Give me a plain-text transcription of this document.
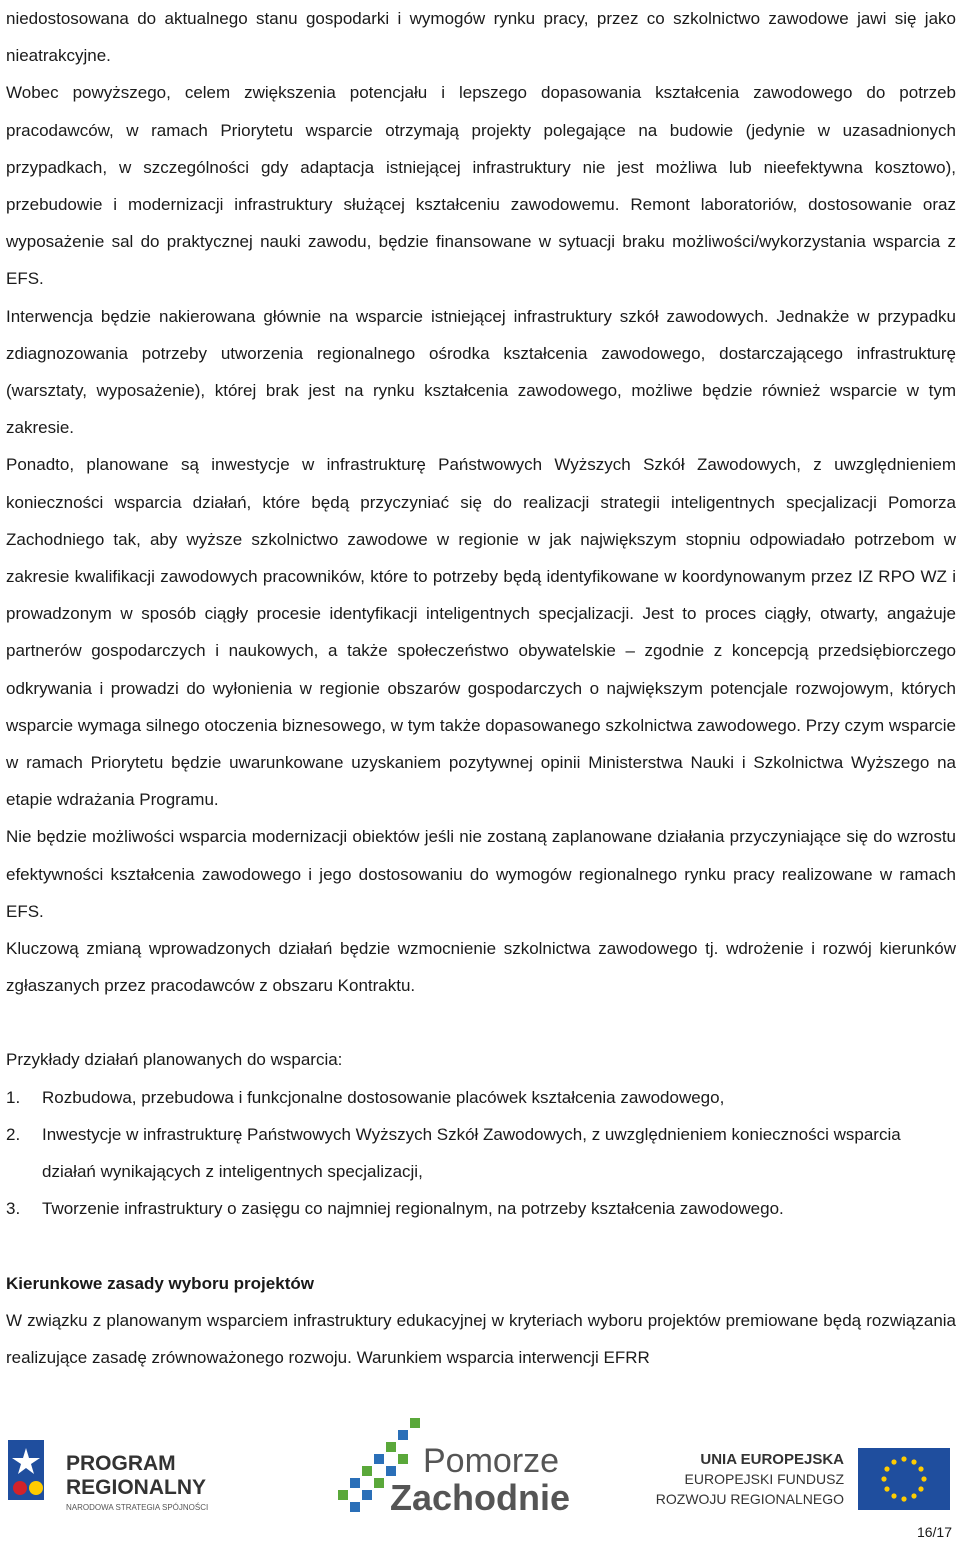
niedostosowana do aktualnego stanu gospodarki i wymogów rynku pracy, przez co szkolnictwo zawodowe jawi się jako nieatrakcyjne.

Wobec powyższego, celem zwiększenia potencjału i lepszego dopasowania kształcenia zawodowego do potrzeb pracodawców, w ramach Priorytetu wsparcie otrzymają projekty polegające na budowie (jedynie w uzasadnionych przypadkach, w szczególności gdy adaptacja istniejącej infrastruktury nie jest możliwa lub nieefektywna kosztowo), przebudowie i modernizacji infrastruktury służącej kształceniu zawodowemu. Remont laboratoriów, dostosowanie oraz wyposażenie sal do praktycznej nauki zawodu, będzie finansowane w sytuacji braku możliwości/wykorzystania wsparcia z EFS.

Interwencja będzie nakierowana głównie na wsparcie istniejącej infrastruktury szkół zawodowych. Jednakże w przypadku zdiagnozowania potrzeby utworzenia regionalnego ośrodka kształcenia zawodowego, dostarczającego infrastrukturę (warsztaty, wyposażenie), której brak jest na rynku kształcenia zawodowego, możliwe będzie również wsparcie w tym zakresie.

Ponadto, planowane są inwestycje w infrastrukturę Państwowych Wyższych Szkół Zawodowych, z uwzględnieniem konieczności wsparcia działań, które będą przyczyniać się do realizacji strategii inteligentnych specjalizacji Pomorza Zachodniego tak, aby wyższe szkolnictwo zawodowe w regionie w jak największym stopniu odpowiadało potrzebom w zakresie kwalifikacji zawodowych pracowników, które to potrzeby będą identyfikowane w koordynowanym przez IZ RPO WZ i prowadzonym w sposób ciągły procesie identyfikacji inteligentnych specjalizacji. Jest to proces ciągły, otwarty, angażuje partnerów gospodarczych i naukowych, a także społeczeństwo obywatelskie – zgodnie z koncepcją przedsiębiorczego odkrywania i prowadzi do wyłonienia w regionie obszarów gospodarczych o największym potencjale rozwojowym, których wsparcie wymaga silnego otoczenia biznesowego, w tym także dopasowanego szkolnictwa zawodowego. Przy czym wsparcie w ramach Priorytetu będzie uwarunkowane uzyskaniem pozytywnej opinii Ministerstwa Nauki i Szkolnictwa Wyższego na etapie wdrażania Programu.

Nie będzie możliwości wsparcia modernizacji obiektów jeśli nie zostaną zaplanowane działania przyczyniające się do wzrostu efektywności kształcenia zawodowego i jego dostosowaniu do wymogów regionalnego rynku pracy realizowane w ramach EFS.

Kluczową zmianą wprowadzonych działań będzie wzmocnienie szkolnictwa zawodowego tj. wdrożenie i rozwój kierunków zgłaszanych przez pracodawców z obszaru Kontraktu.

Przykłady działań planowanych do wsparcia:

1. Rozbudowa, przebudowa i funkcjonalne dostosowanie placówek kształcenia zawodowego,
2. Inwestycje w infrastrukturę Państwowych Wyższych Szkół Zawodowych, z uwzględnieniem konieczności wsparcia działań wynikających z inteligentnych specjalizacji,
3. Tworzenie infrastruktury o zasięgu co najmniej regionalnym, na potrzeby kształcenia zawodowego.
Kierunkowe zasady wyboru projektów

W związku z planowanym wsparciem infrastruktury edukacyjnej w kryteriach wyboru projektów premiowane będą rozwiązania realizujące zasadę zrównoważonego rozwoju. Warunkiem wsparcia interwencji EFRR

PROGRAM
REGIONALNY
NARODOWA STRATEGIA SPÓJNOŚCI
Pomorze
Zachodnie
UNIA EUROPEJSKA
EUROPEJSKI FUNDUSZ
ROZWOJU REGIONALNEGO
16/17
